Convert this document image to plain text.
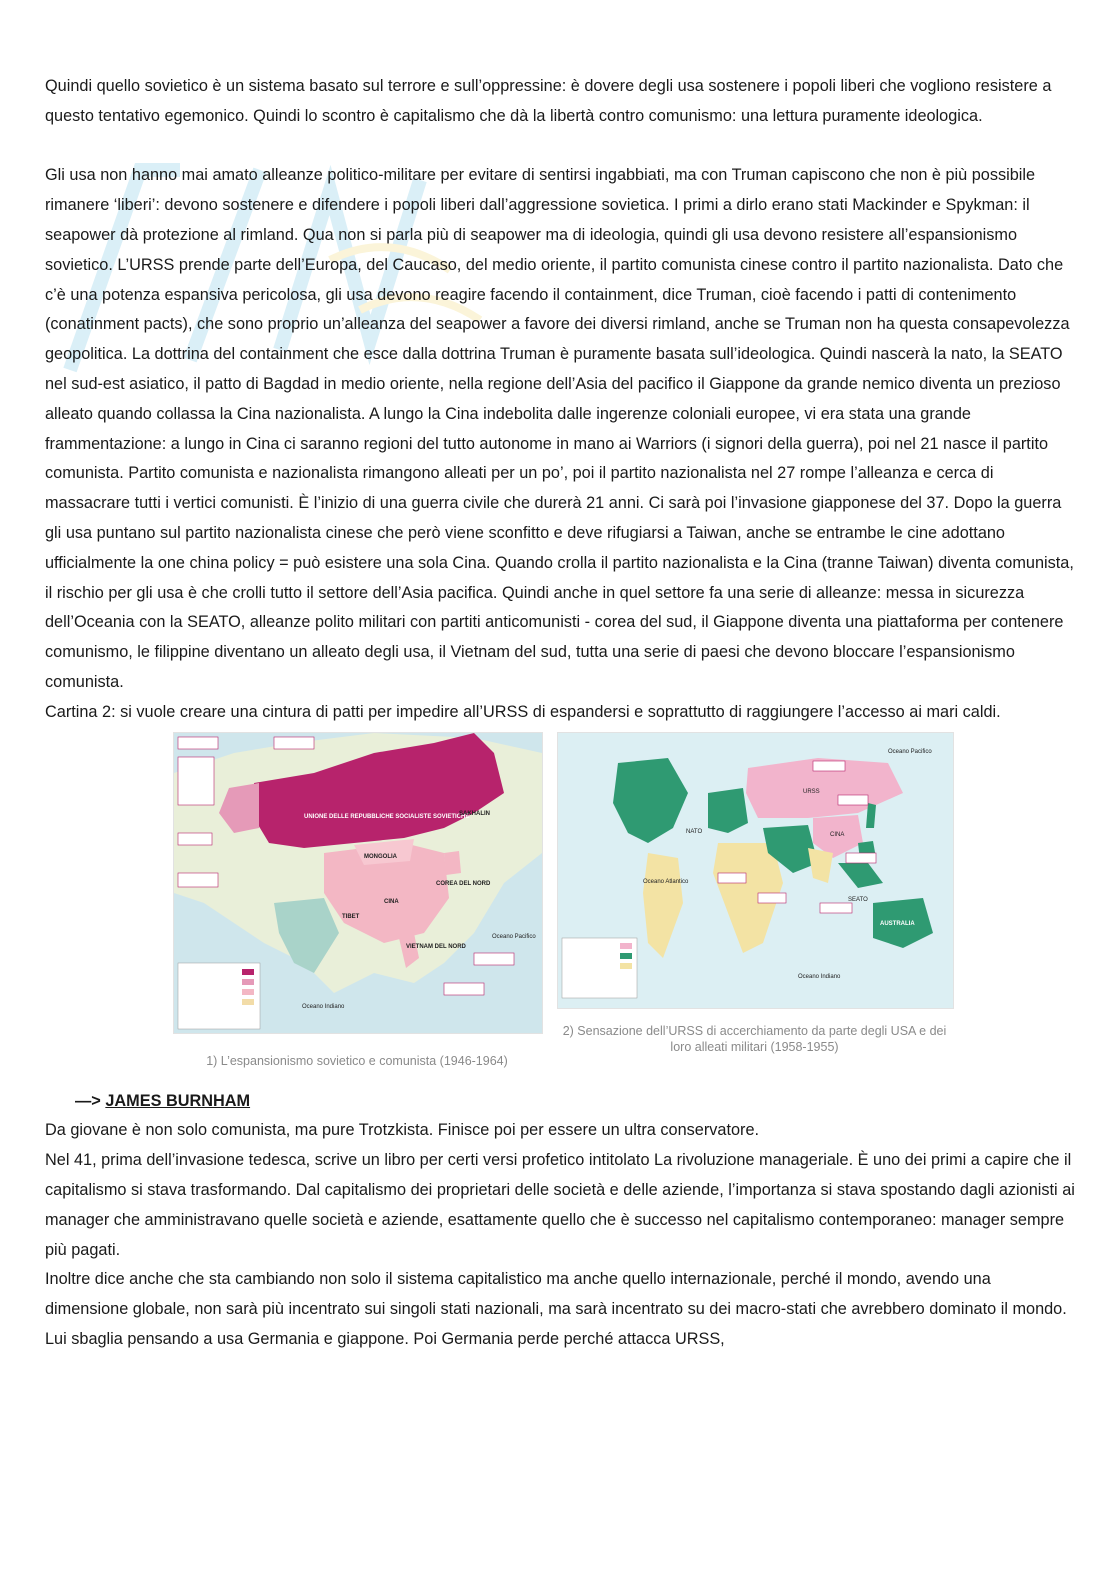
Quindi quello sovietico è un sistema basato sul terrore e sull’oppressine: è dovere degli usa sostenere i popoli liberi che vogliono resistere a questo tentativo egemonico. Quindi lo scontro è capitalismo che dà la libertà contro comunismo: una lettura puramente ideologica.

Gli usa non hanno mai amato alleanze politico-militare per evitare di sentirsi ingabbiati, ma con Truman capiscono che non è più possibile rimanere ‘liberi’: devono sostenere e difendere i popoli liberi dall’aggressione sovietica. I primi a dirlo erano stati Mackinder e Spykman: il seapower dà protezione al rimland. Qua non si parla più di seapower ma di ideologia, quindi gli usa devono resistere all’espansionismo sovietico. L’URSS prende parte dell’Europa, del Caucaso, del medio oriente, il partito comunista cinese contro il partito nazionalista. Dato che c’è una potenza espansiva pericolosa, gli usa devono reagire facendo il containment, dice Truman, cioè facendo i patti di contenimento (conatinment pacts), che sono proprio un’alleanza del seapower a favore dei diversi rimland, anche se Truman non ha questa consapevolezza geopolitica. La dottrina del containment che esce dalla dottrina Truman è puramente basata sull’ideologica. Quindi nascerà la nato, la SEATO nel sud-est asiatico, il patto di Bagdad in medio oriente, nella regione dell’Asia del pacifico il Giappone da grande nemico diventa un prezioso alleato quando collassa la Cina nazionalista. A lungo la Cina indebolita dalle ingerenze coloniali europee, vi era stata una grande frammentazione: a lungo in Cina ci saranno regioni del tutto autonome in mano ai Warriors (i signori della guerra), poi nel 21 nasce il partito comunista. Partito comunista e nazionalista rimangono alleati per un po’, poi il partito nazionalista nel 27 rompe l’alleanza e cerca di massacrare tutti i vertici comunisti. È l’inizio di una guerra civile che durerà 21 anni. Ci sarà poi l’invasione giapponese del 37. Dopo la guerra gli usa puntano sul partito nazionalista cinese che però viene sconfitto e deve rifugiarsi a Taiwan, anche se entrambe le cine adottano ufficialmente la one china policy = può esistere una sola Cina. Quando crolla il partito nazionalista e la Cina (tranne Taiwan) diventa comunista, il rischio per gli usa è che crolli tutto il settore dell’Asia pacifica. Quindi anche in quel settore fa una serie di alleanze: messa in sicurezza dell’Oceania con la SEATO, alleanze polito militari con partiti anticomunisti - corea del sud, il Giappone diventa una piattaforma per contenere comunismo, le filippine diventano un alleato degli usa, il Vietnam del sud, tutta una serie di paesi che devono bloccare l’espansionismo comunista.

Cartina 2: si vuole creare una cintura di patti per impedire all’URSS di espandersi e soprattutto di raggiungere l’accesso ai mari caldi.

UNIONE DELLE REPUBBLICHE SOCIALISTE SOVIETICHE
SAKHALIN
MONGOLIA
CINA
TIBET
COREA DEL NORD
VIETNAM DEL NORD
Oceano Pacifico
Oceano Indiano
URSS
CINA
SEATO
NATO
Oceano Pacifico
Oceano Atlantico
Oceano Indiano
AUSTRALIA
1) L’espansionismo sovietico e comunista (1946-1964)
2) Sensazione dell’URSS di accerchiamento da parte degli USA e dei loro alleati militari (1958-1955)

—> JAMES BURNHAM

Da giovane è non solo comunista, ma pure Trotzkista. Finisce poi per essere un ultra conservatore.

Nel 41, prima dell’invasione tedesca, scrive un libro per certi versi profetico intitolato La rivoluzione manageriale. È uno dei primi a capire che il capitalismo si stava trasformando. Dal capitalismo dei proprietari delle società e delle aziende, l’importanza si stava spostando dagli azionisti ai manager che amministravano quelle società e aziende, esattamente quello che è successo nel capitalismo contemporaneo: manager sempre più pagati.

Inoltre dice anche che sta cambiando non solo il sistema capitalistico ma anche quello internazionale, perché il mondo, avendo una dimensione globale, non sarà più incentrato sui singoli stati nazionali, ma sarà incentrato su dei macro-stati che avrebbero dominato il mondo. Lui sbaglia pensando a usa Germania e giappone. Poi Germania perde perché attacca URSS,
